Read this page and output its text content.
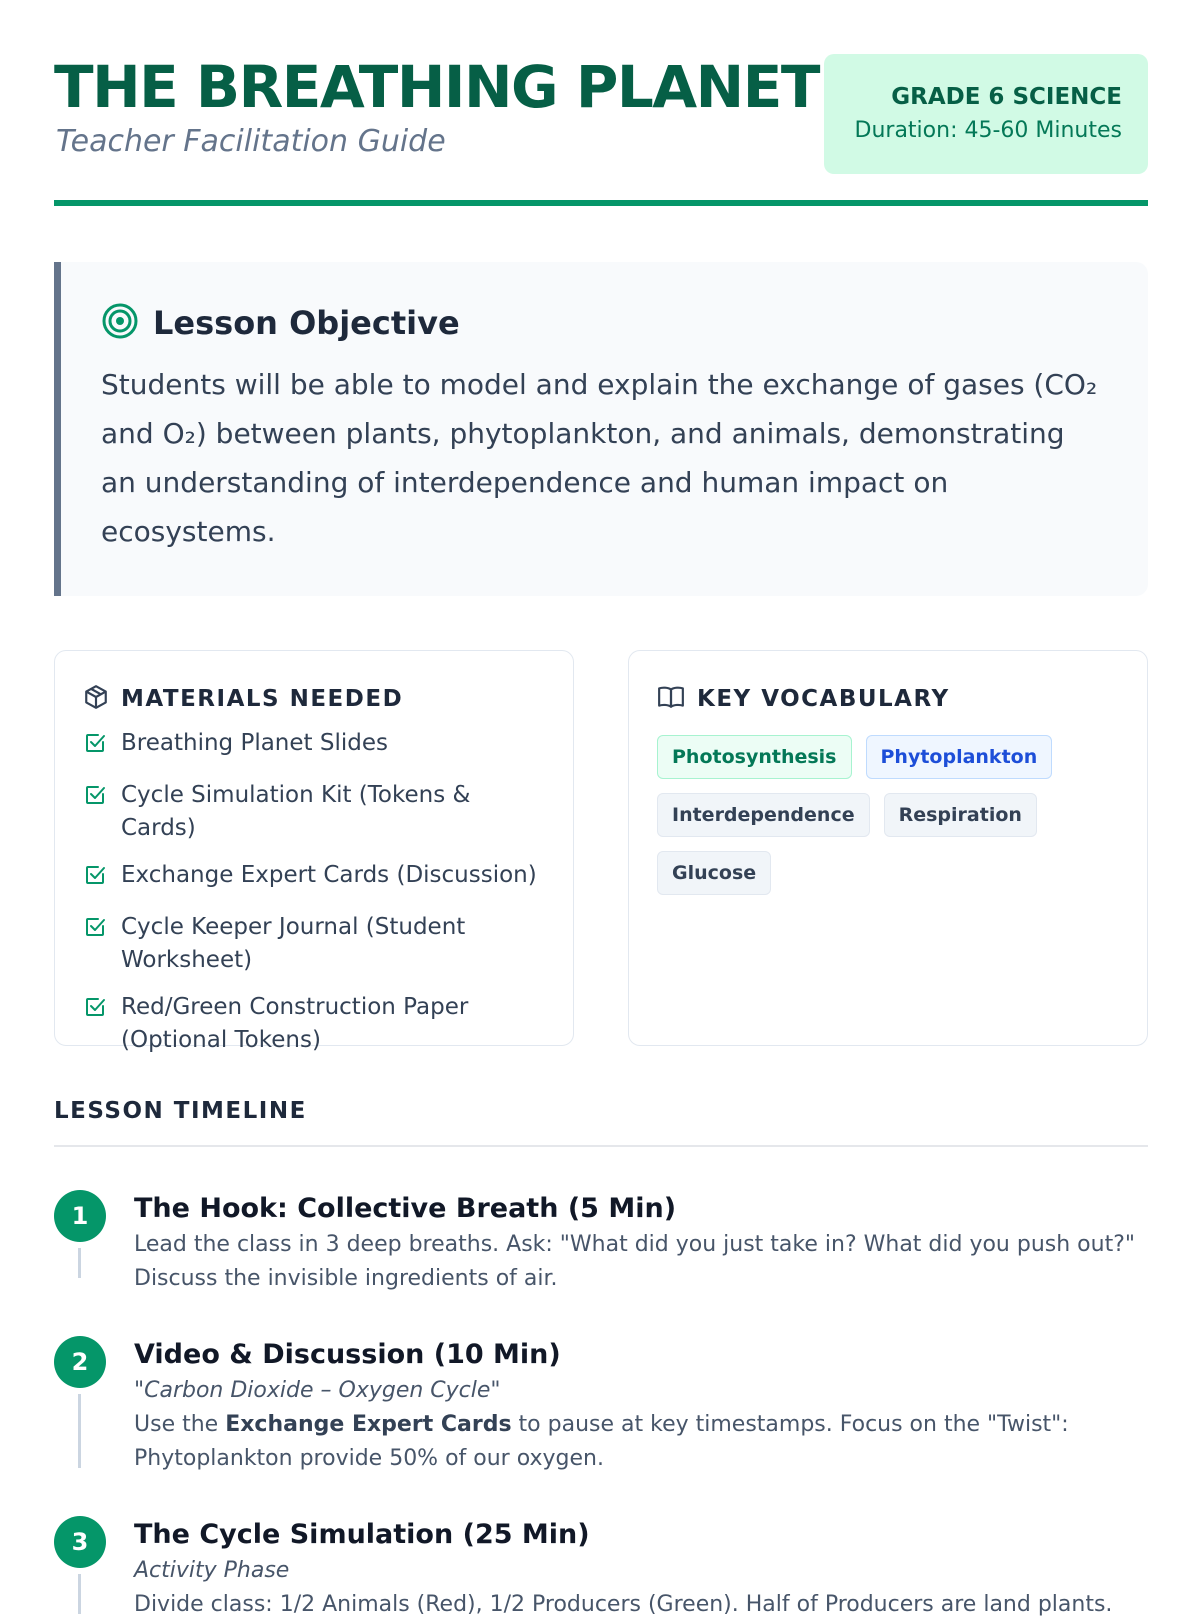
THE BREATHING PLANET
Teacher Facilitation Guide
GRADE 6 SCIENCE
Duration: 45-60 Minutes
Lesson Objective
Students will be able to model and explain the exchange of gases (CO₂ and O₂) between plants, phytoplankton, and animals, demonstrating an understanding of interdependence and human impact on ecosystems.
MATERIALS NEEDED
Breathing Planet Slides
Cycle Simulation Kit (Tokens & Cards)
Exchange Expert Cards (Discussion)
Cycle Keeper Journal (Student Worksheet)
Red/Green Construction Paper (Optional Tokens)
KEY VOCABULARY
Photosynthesis	Phytoplankton
Interdependence	Respiration
Glucose
LESSON TIMELINE
1	The Hook: Collective Breath (5 Min)
Lead the class in 3 deep breaths. Ask: "What did you just take in? What did you push out?" Discuss the invisible ingredients of air.
2	Video & Discussion (10 Min)
"Carbon Dioxide – Oxygen Cycle"
Use the Exchange Expert Cards to pause at key timestamps. Focus on the "Twist": Phytoplankton provide 50% of our oxygen.
3	The Cycle Simulation (25 Min)
Activity Phase
Divide class: 1/2 Animals (Red), 1/2 Producers (Green). Half of Producers are land plants.
